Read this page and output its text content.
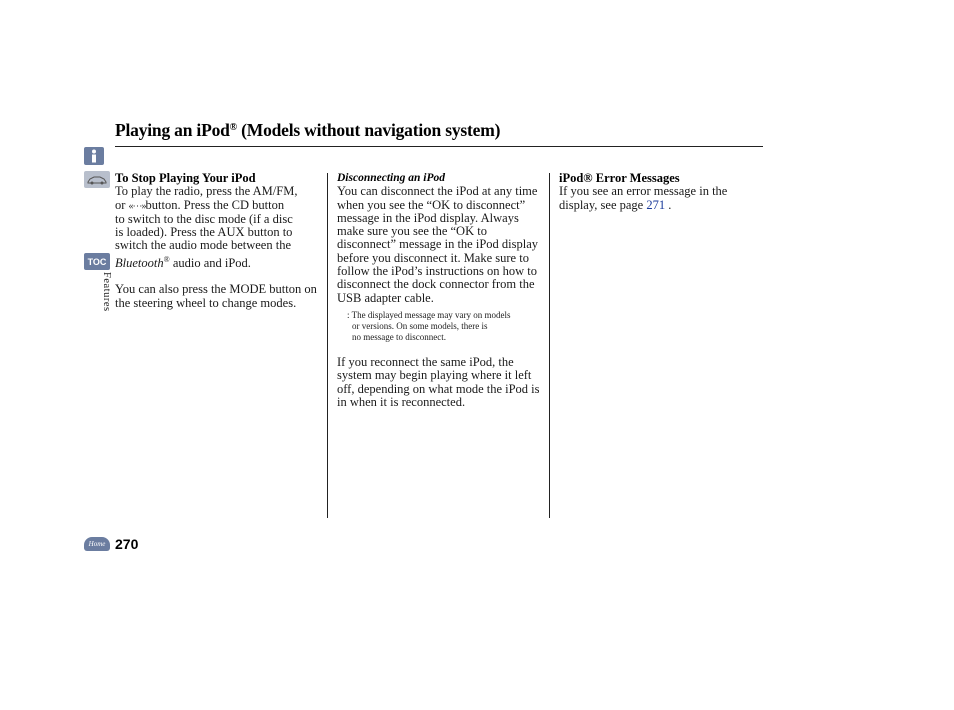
Playing an iPod® (Models without navigation system)
TOC
Features
Home 270
To Stop Playing Your iPod
To play the radio, press the AM/FM,
or «⋯»button. Press the CD button
to switch to the disc mode (if a disc
is loaded). Press the AUX button to
switch the audio mode between the
Bluetooth® audio and iPod.

You can also press the MODE button on the steering wheel to change modes.

Disconnecting an iPod

You can disconnect the iPod at any time when you see the “OK to disconnect” message in the iPod display. Always make sure you see the “OK to disconnect” message in the iPod display before you disconnect it. Make sure to follow the iPod’s instructions on how to disconnect the dock connector from the USB adapter cable.

: The displayed message may vary on models
or versions. On some models, there is
no message to disconnect.

If you reconnect the same iPod, the system may begin playing where it left off, depending on what mode the iPod is in when it is reconnected.

iPod® Error Messages

If you see an error message in the display, see page 271 .
